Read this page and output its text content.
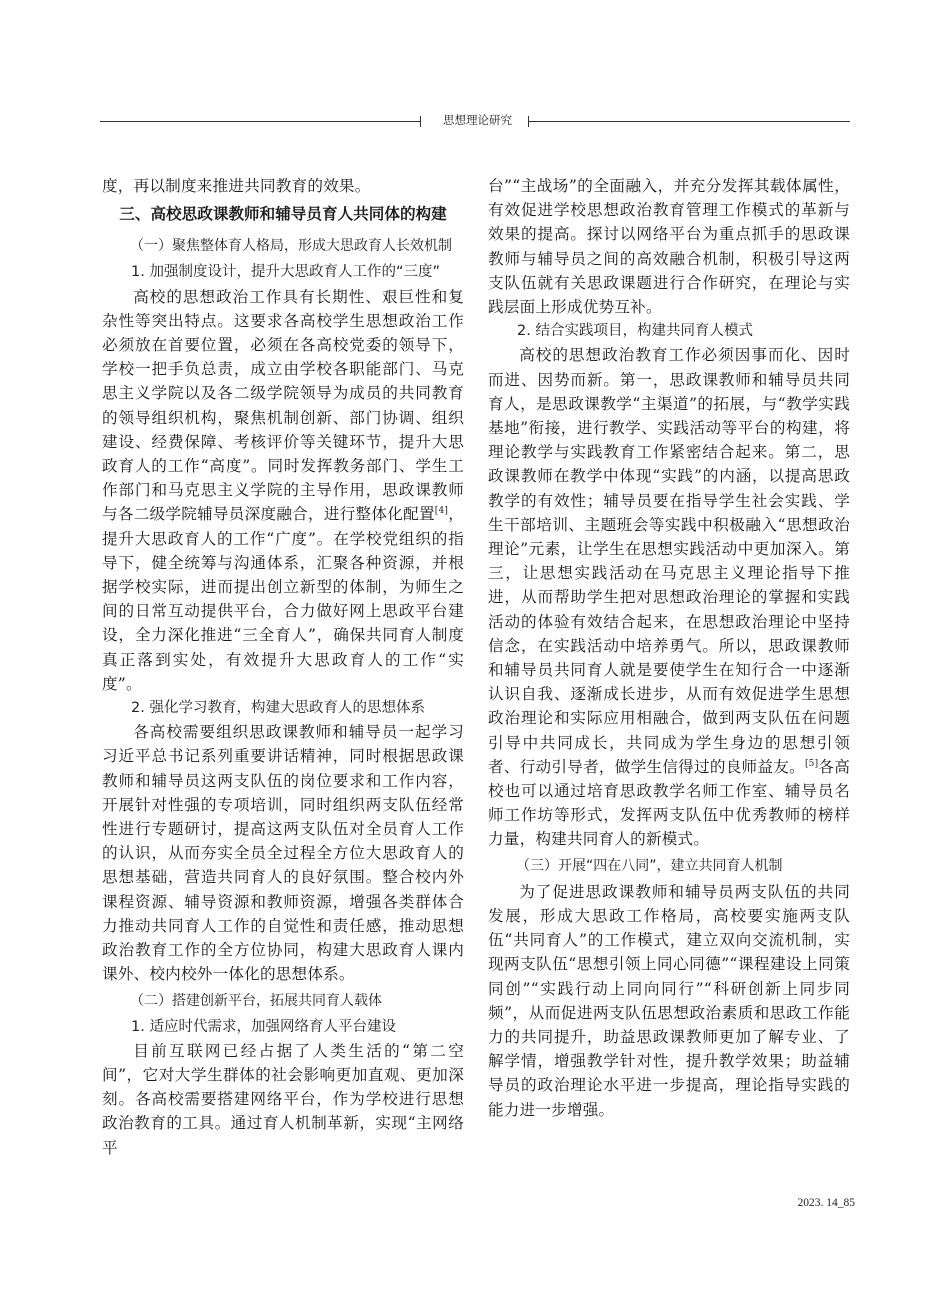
思想理论研究

度，再以制度来推进共同教育的效果。

三、高校思政课教师和辅导员育人共同体的构建

（一）聚焦整体育人格局，形成大思政育人长效机制

1. 加强制度设计，提升大思政育人工作的“三度”

高校的思想政治工作具有长期性、艰巨性和复杂性等突出特点。这要求各高校学生思想政治工作必须放在首要位置，必须在各高校党委的领导下，学校一把手负总责，成立由学校各职能部门、马克思主义学院以及各二级学院领导为成员的共同教育的领导组织机构，聚焦机制创新、部门协调、组织建设、经费保障、考核评价等关键环节，提升大思政育人的工作“高度”。同时发挥教务部门、学生工作部门和马克思主义学院的主导作用，思政课教师与各二级学院辅导员深度融合，进行整体化配置[4]，提升大思政育人的工作“广度”。在学校党组织的指导下，健全统筹与沟通体系，汇聚各种资源，并根据学校实际，进而提出创立新型的体制，为师生之间的日常互动提供平台，合力做好网上思政平台建设，全力深化推进“三全育人”，确保共同育人制度真正落到实处，有效提升大思政育人的工作“实度”。

2. 强化学习教育，构建大思政育人的思想体系

各高校需要组织思政课教师和辅导员一起学习习近平总书记系列重要讲话精神，同时根据思政课教师和辅导员这两支队伍的岗位要求和工作内容，开展针对性强的专项培训，同时组织两支队伍经常性进行专题研讨，提高这两支队伍对全员育人工作的认识，从而夯实全员全过程全方位大思政育人的思想基础，营造共同育人的良好氛围。整合校内外课程资源、辅导资源和教师资源，增强各类群体合力推动共同育人工作的自觉性和责任感，推动思想政治教育工作的全方位协同，构建大思政育人课内课外、校内校外一体化的思想体系。

（二）搭建创新平台，拓展共同育人载体

1. 适应时代需求，加强网络育人平台建设

目前互联网已经占据了人类生活的“第二空间”，它对大学生群体的社会影响更加直观、更加深刻。各高校需要搭建网络平台，作为学校进行思想政治教育的工具。通过育人机制革新，实现“主网络平

台”“主战场”的全面融入，并充分发挥其载体属性，有效促进学校思想政治教育管理工作模式的革新与效果的提高。探讨以网络平台为重点抓手的思政课教师与辅导员之间的高效融合机制，积极引导这两支队伍就有关思政课题进行合作研究，在理论与实践层面上形成优势互补。

2. 结合实践项目，构建共同育人模式

高校的思想政治教育工作必须因事而化、因时而进、因势而新。第一，思政课教师和辅导员共同育人，是思政课教学“主渠道”的拓展，与“教学实践基地”衔接，进行教学、实践活动等平台的构建，将理论教学与实践教育工作紧密结合起来。第二，思政课教师在教学中体现“实践”的内涵，以提高思政教学的有效性；辅导员要在指导学生社会实践、学生干部培训、主题班会等实践中积极融入“思想政治理论”元素，让学生在思想实践活动中更加深入。第三，让思想实践活动在马克思主义理论指导下推进，从而帮助学生把对思想政治理论的掌握和实践活动的体验有效结合起来，在思想政治理论中坚持信念，在实践活动中培养勇气。所以，思政课教师和辅导员共同育人就是要使学生在知行合一中逐渐认识自我、逐渐成长进步，从而有效促进学生思想政治理论和实际应用相融合，做到两支队伍在问题引导中共同成长，共同成为学生身边的思想引领者、行动引导者，做学生信得过的良师益友。[5]各高校也可以通过培育思政教学名师工作室、辅导员名师工作坊等形式，发挥两支队伍中优秀教师的榜样力量，构建共同育人的新模式。

（三）开展“四在八同”，建立共同育人机制

为了促进思政课教师和辅导员两支队伍的共同发展，形成大思政工作格局，高校要实施两支队伍“共同育人”的工作模式，建立双向交流机制，实现两支队伍“思想引领上同心同德”“课程建设上同策同创”“实践行动上同向同行”“科研创新上同步同频”，从而促进两支队伍思想政治素质和思政工作能力的共同提升，助益思政课教师更加了解专业、了解学情，增强教学针对性，提升教学效果；助益辅导员的政治理论水平进一步提高，理论指导实践的能力进一步增强。

2023. 14_85
